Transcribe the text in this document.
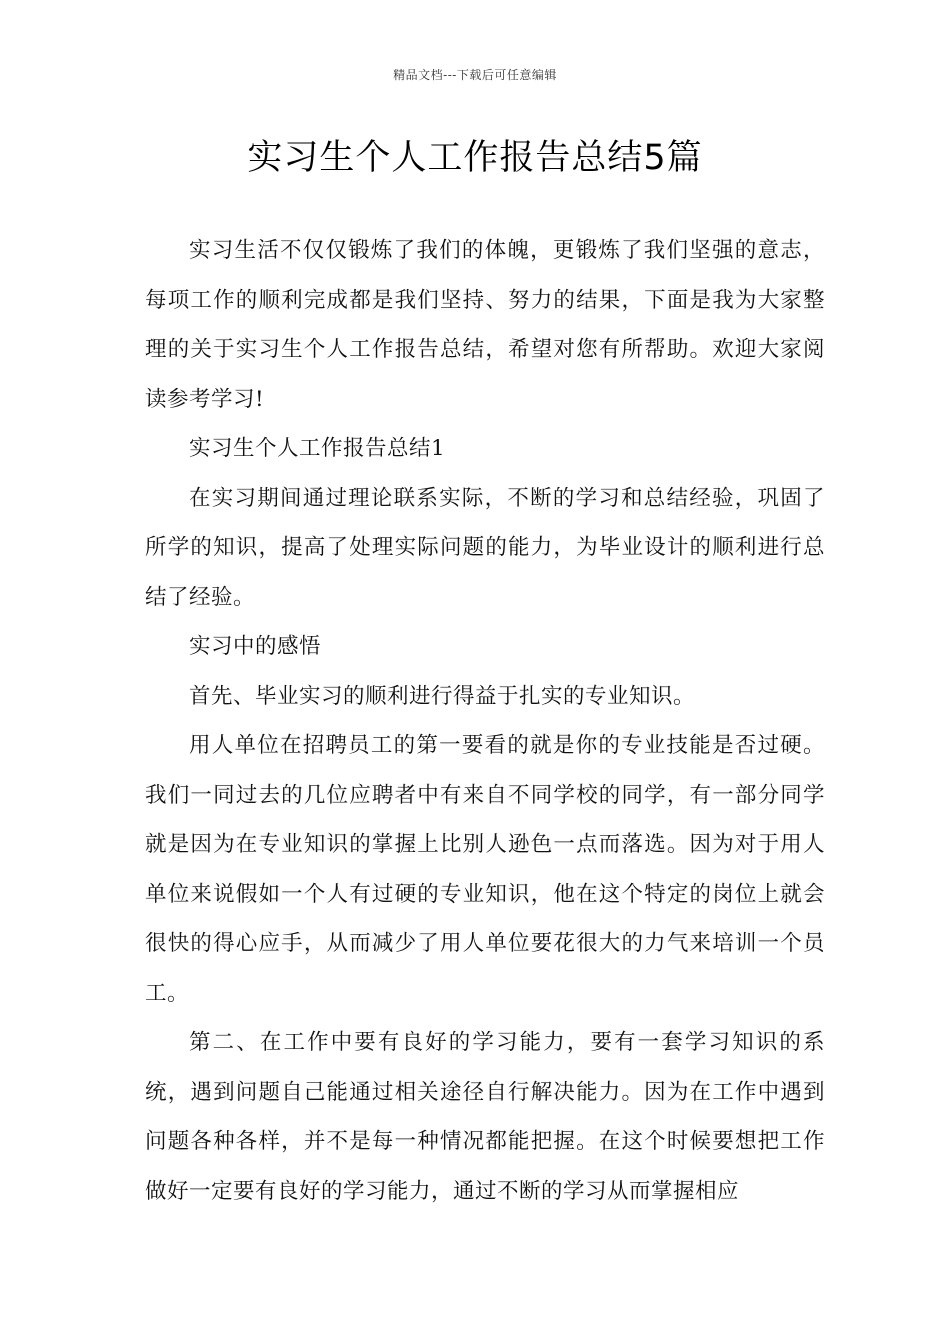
精品文档---下载后可任意编辑
实习生个人工作报告总结5篇

实习生活不仅仅锻炼了我们的体魄，更锻炼了我们坚强的意志，每项工作的顺利完成都是我们坚持、努力的结果，下面是我为大家整理的关于实习生个人工作报告总结，希望对您有所帮助。欢迎大家阅读参考学习!

实习生个人工作报告总结1

在实习期间通过理论联系实际，不断的学习和总结经验，巩固了所学的知识，提高了处理实际问题的能力，为毕业设计的顺利进行总结了经验。

实习中的感悟

首先、毕业实习的顺利进行得益于扎实的专业知识。

用人单位在招聘员工的第一要看的就是你的专业技能是否过硬。我们一同过去的几位应聘者中有来自不同学校的同学，有一部分同学就是因为在专业知识的掌握上比别人逊色一点而落选。因为对于用人单位来说假如一个人有过硬的专业知识，他在这个特定的岗位上就会很快的得心应手，从而减少了用人单位要花很大的力气来培训一个员工。

第二、在工作中要有良好的学习能力，要有一套学习知识的系统，遇到问题自己能通过相关途径自行解决能力。因为在工作中遇到问题各种各样，并不是每一种情况都能把握。在这个时候要想把工作做好一定要有良好的学习能力，通过不断的学习从而掌握相应
